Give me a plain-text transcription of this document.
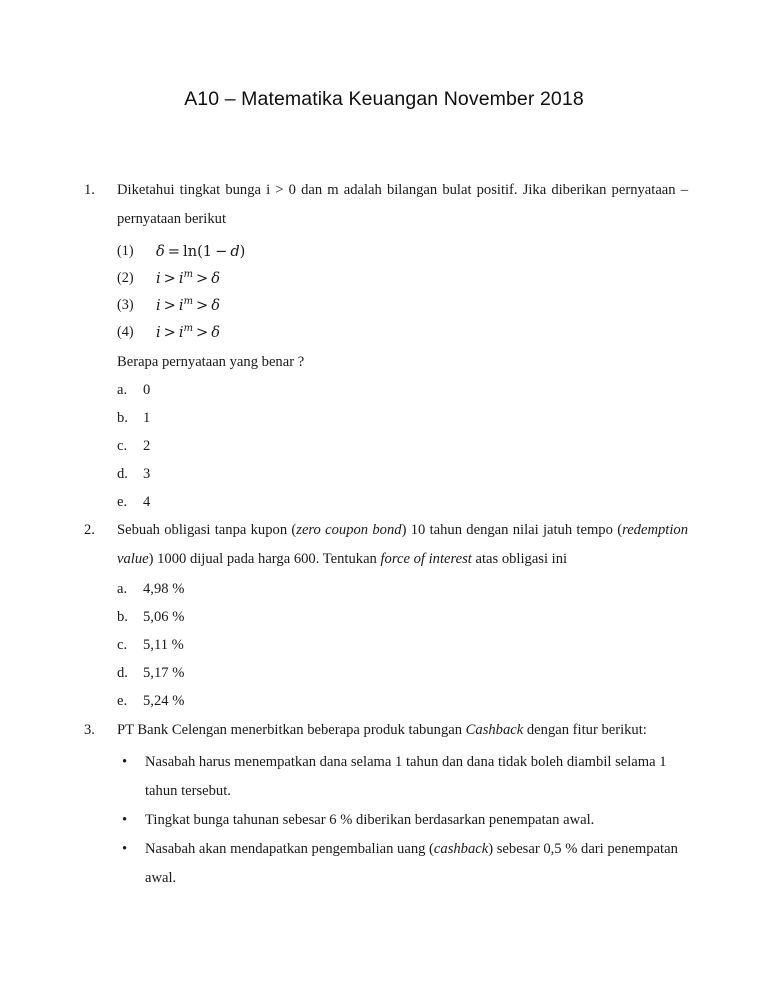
A10 – Matematika Keuangan November 2018
1.	Diketahui tingkat bunga i > 0 dan m adalah bilangan bulat positif. Jika diberikan pernyataan – pernyataan berikut
(1) δ = ln(1 − d)
(2) $i > i^m > \delta$
(3) $i > i^m > \delta$
(4) $i > i^m > \delta$
Berapa pernyataan yang benar ?
a.	0
b.	1
c.	2
d.	3
e.	4
2.	Sebuah obligasi tanpa kupon (zero coupon bond) 10 tahun dengan nilai jatuh tempo (redemption value) 1000 dijual pada harga 600. Tentukan force of interest atas obligasi ini
a.	4,98 %
b.	5,06 %
c.	5,11 %
d.	5,17 %
e.	5,24 %
3.	PT Bank Celengan menerbitkan beberapa produk tabungan Cashback dengan fitur berikut:
• Nasabah harus menempatkan dana selama 1 tahun dan dana tidak boleh diambil selama 1 tahun tersebut.
• Tingkat bunga tahunan sebesar 6 % diberikan berdasarkan penempatan awal.
• Nasabah akan mendapatkan pengembalian uang (cashback) sebesar 0,5 % dari penempatan awal.
